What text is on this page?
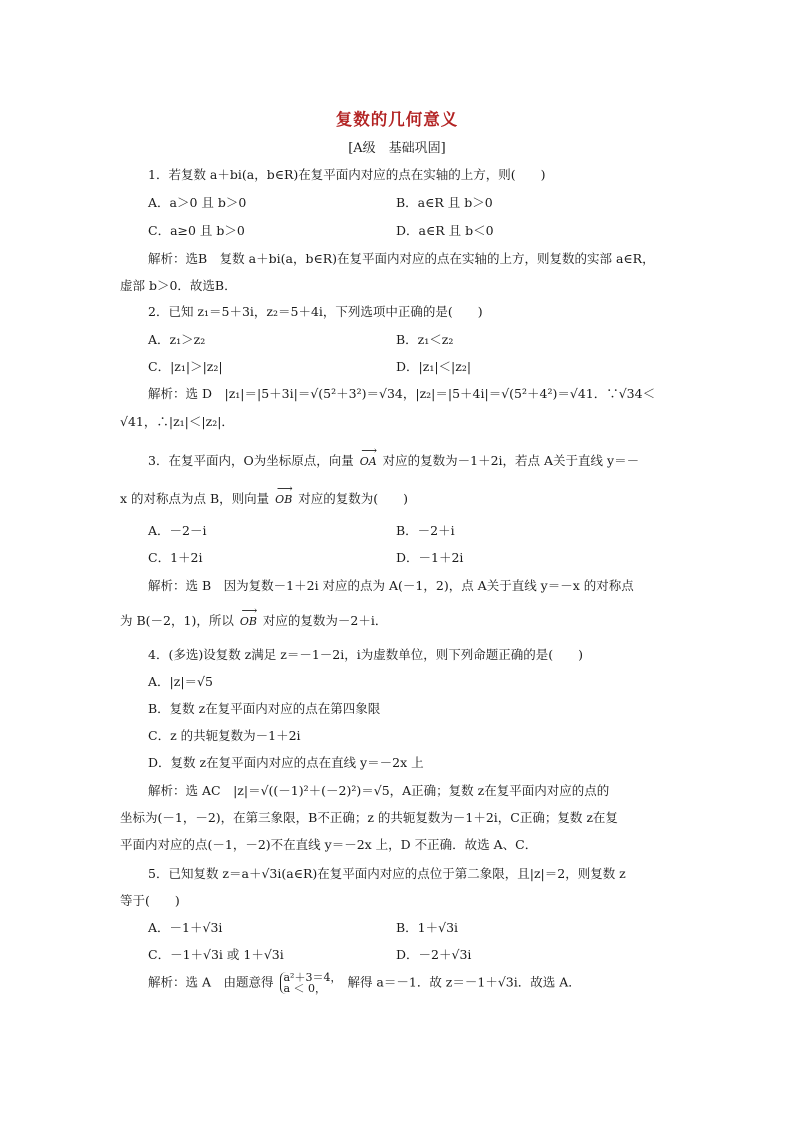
复数的几何意义
[A级　基础巩固]
1．若复数 a＋bi(a，b∈R)在复平面内对应的点在实轴的上方，则(　　)
A．a＞0 且 b＞0	B．a∈R 且 b＞0
C．a≥0 且 b＞0	D．a∈R 且 b＜0
解析：选B　复数 a＋bi(a，b∈R)在复平面内对应的点在实轴的上方，则复数的实部 a∈R，
虚部 b＞0．故选B．
2．已知 z₁＝5＋3i，z₂＝5＋4i，下列选项中正确的是(　　)
A．z₁＞z₂	B．z₁＜z₂
C．|z₁|＞|z₂|	D．|z₁|＜|z₂|
解析：选 D　|z₁|＝|5＋3i|＝√(5²＋3²)＝√34，|z₂|＝|5＋4i|＝√(5²＋4²)＝√41．∵√34＜
√41，∴|z₁|＜|z₂|．
3．在复平面内，O为坐标原点，向量 ⟶ OA 对应的复数为－1＋2i，若点 A关于直线 y＝－
x 的对称点为点 B，则向量 ⟶ OB 对应的复数为(　　)
A．－2－i	B．－2＋i
C．1＋2i	D．－1＋2i
解析：选 B　因为复数－1＋2i 对应的点为 A(－1，2)，点 A关于直线 y＝－x 的对称点
为 B(－2，1)，所以 ⟶ OB 对应的复数为－2＋i．
4．(多选)设复数 z满足 z＝－1－2i，i为虚数单位，则下列命题正确的是(　　)
A．|z|＝√5
B．复数 z在复平面内对应的点在第四象限
C．z 的共轭复数为－1＋2i
D．复数 z在复平面内对应的点在直线 y＝－2x 上
解析：选 AC　|z|＝√((－1)²＋(－2)²)＝√5，A正确；复数 z在复平面内对应的点的
坐标为(－1，－2)，在第三象限，B不正确；z 的共轭复数为－1＋2i，C正确；复数 z在复
平面内对应的点(－1，－2)不在直线 y＝－2x 上，D 不正确．故选 A、C．
5．已知复数 z＝a＋√3i(a∈R)在复平面内对应的点位于第二象限，且|z|＝2，则复数 z
等于(　　)
A．－1＋√3i	B．1＋√3i
C．－1＋√3i 或 1＋√3i	D．－2＋√3i
解析：选 A　由题意得 a²＋3＝4，
a ＜ 0，	解得 a＝－1．故 z＝－1＋√3i．故选 A．
